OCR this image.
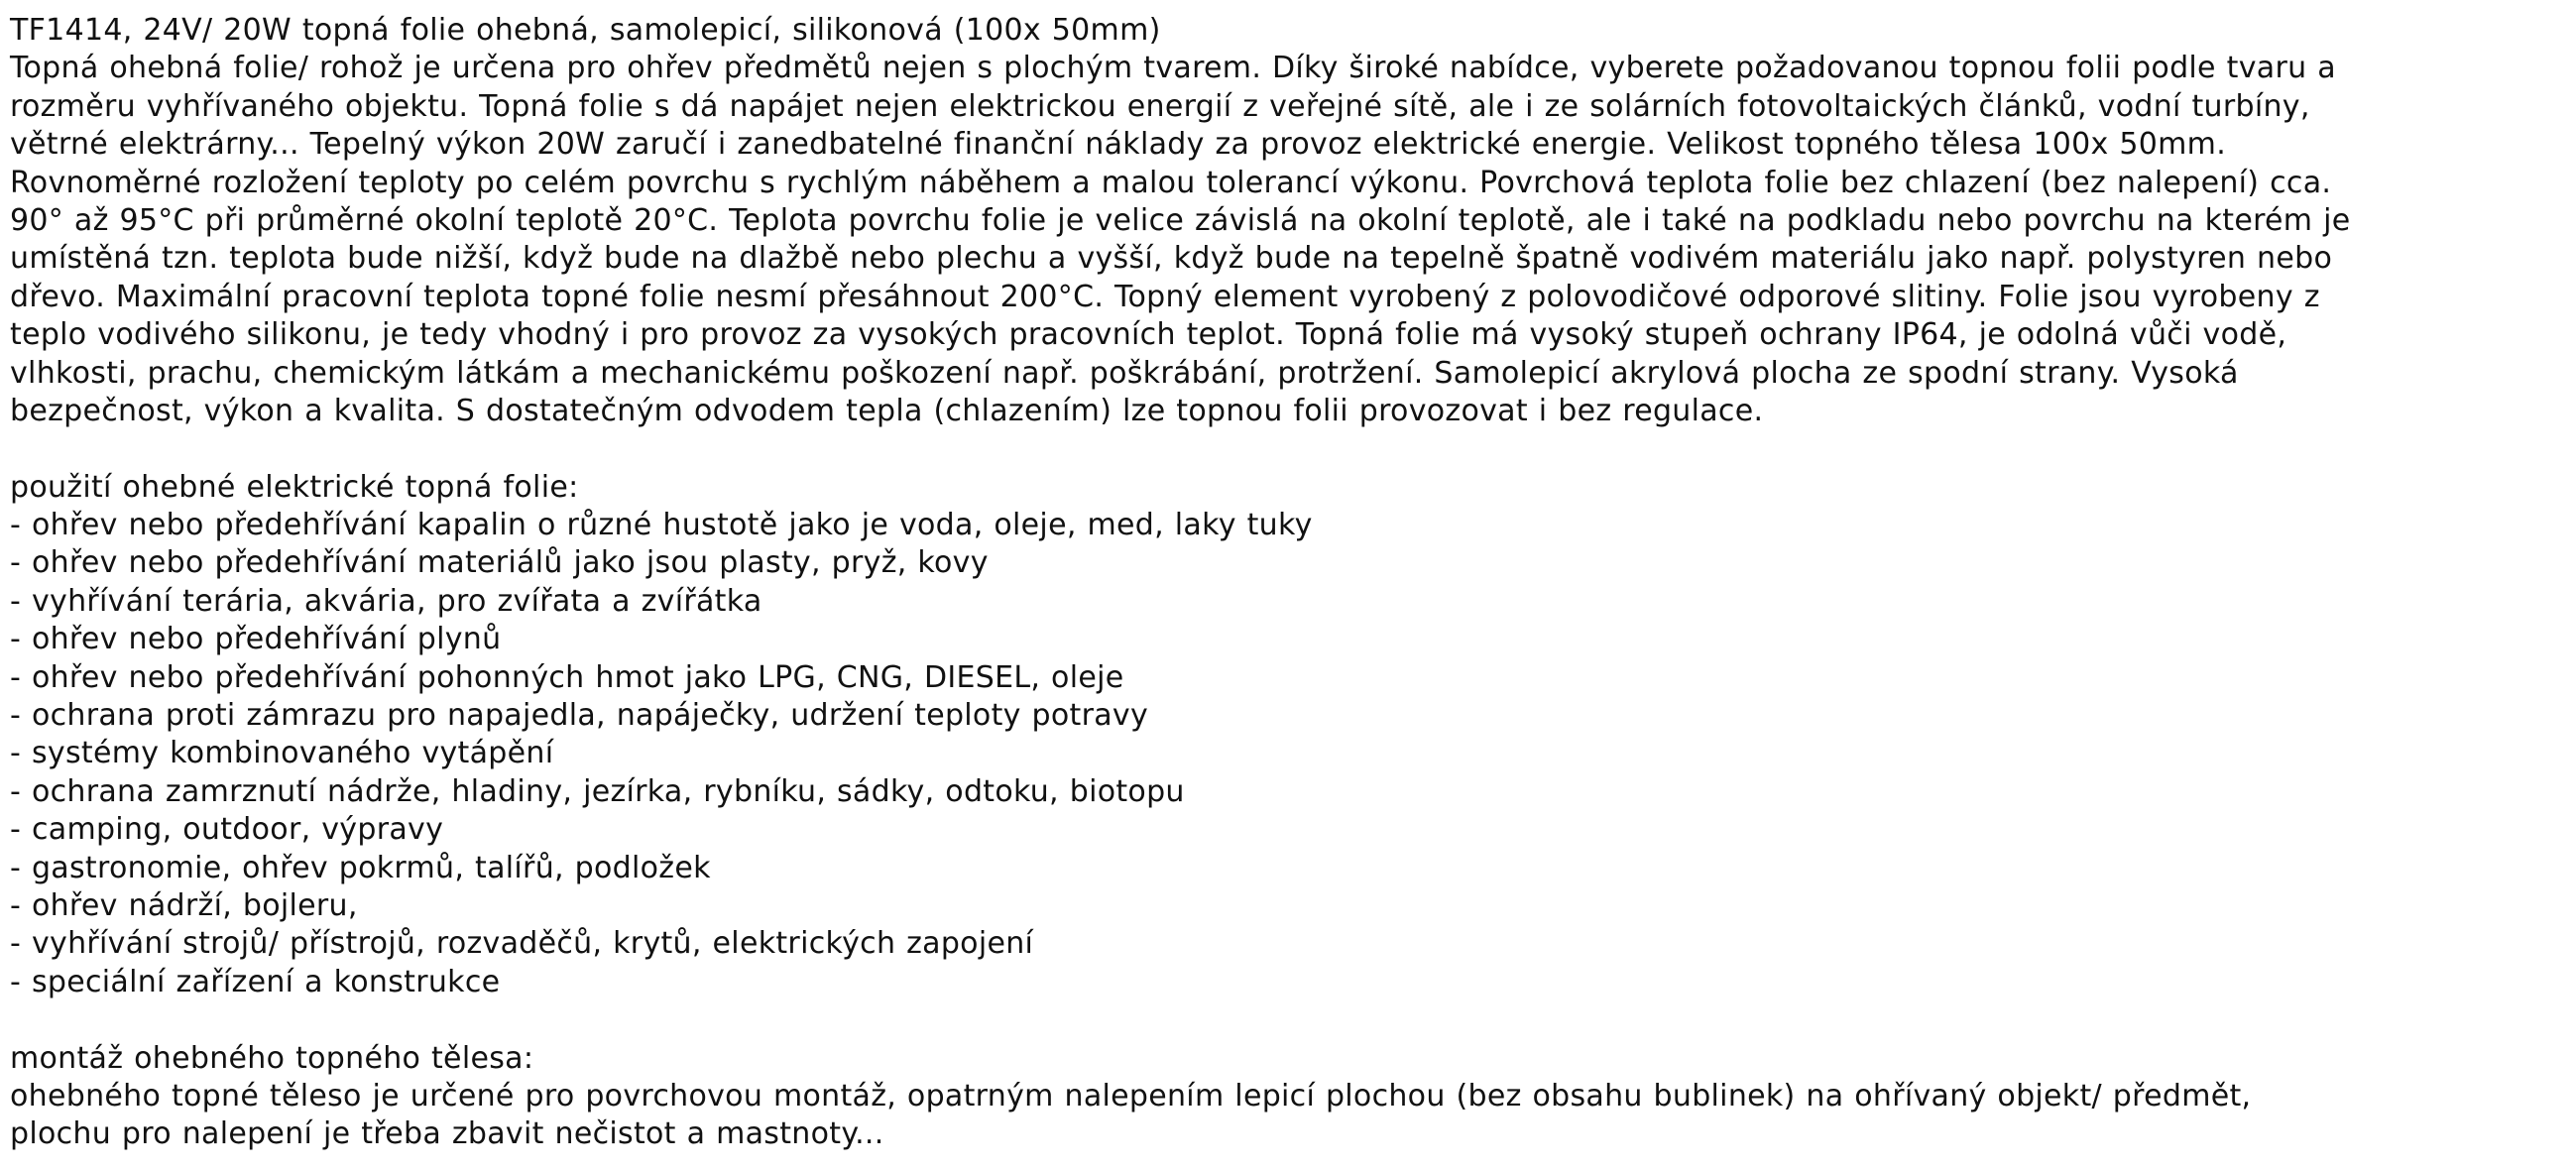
TF1414, 24V/ 20W topná folie ohebná, samolepicí, silikonová (100x 50mm)
Topná ohebná folie/ rohož je určena pro ohřev předmětů nejen s plochým tvarem. Díky široké nabídce, vyberete požadovanou topnou folii podle tvaru a
rozměru vyhřívaného objektu. Topná folie s dá napájet nejen elektrickou energií z veřejné sítě, ale i ze solárních fotovoltaických článků, vodní turbíny,
větrné elektrárny... Tepelný výkon 20W zaručí i zanedbatelné finanční náklady za provoz elektrické energie. Velikost topného tělesa 100x 50mm.
Rovnoměrné rozložení teploty po celém povrchu s rychlým náběhem a malou tolerancí výkonu. Povrchová teplota folie bez chlazení (bez nalepení) cca.
90° až 95°C při průměrné okolní teplotě 20°C. Teplota povrchu folie je velice závislá na okolní teplotě, ale i také na podkladu nebo povrchu na kterém je
umístěná tzn. teplota bude nižší, když bude na dlažbě nebo plechu a vyšší, když bude na tepelně špatně vodivém materiálu jako např. polystyren nebo
dřevo. Maximální pracovní teplota topné folie nesmí přesáhnout 200°C. Topný element vyrobený z polovodičové odporové slitiny. Folie jsou vyrobeny z
teplo vodivého silikonu, je tedy vhodný i pro provoz za vysokých pracovních teplot. Topná folie má vysoký stupeň ochrany IP64, je odolná vůči vodě,
vlhkosti, prachu, chemickým látkám a mechanickému poškození např. poškrábání, protržení. Samolepicí akrylová plocha ze spodní strany. Vysoká
bezpečnost, výkon a kvalita. S dostatečným odvodem tepla (chlazením) lze topnou folii provozovat i bez regulace.
použití ohebné elektrické topná folie:
- ohřev nebo předehřívání kapalin o různé hustotě jako je voda, oleje, med, laky tuky
- ohřev nebo předehřívání materiálů jako jsou plasty, pryž, kovy
- vyhřívání terária, akvária, pro zvířata a zvířátka
- ohřev nebo předehřívání plynů
- ohřev nebo předehřívání pohonných hmot jako LPG, CNG, DIESEL, oleje
- ochrana proti zámrazu pro napajedla, napáječky, udržení teploty potravy
- systémy kombinovaného vytápění
- ochrana zamrznutí nádrže, hladiny, jezírka, rybníku, sádky, odtoku, biotopu
- camping, outdoor, výpravy
- gastronomie, ohřev pokrmů, talířů, podložek
- ohřev nádrží, bojleru,
- vyhřívání strojů/ přístrojů, rozvaděčů, krytů, elektrických zapojení
- speciální zařízení a konstrukce
montáž ohebného topného tělesa:
ohebného topné těleso je určené pro povrchovou montáž, opatrným nalepením lepicí plochou (bez obsahu bublinek) na ohřívaný objekt/ předmět,
plochu pro nalepení je třeba zbavit nečistot a mastnoty...
